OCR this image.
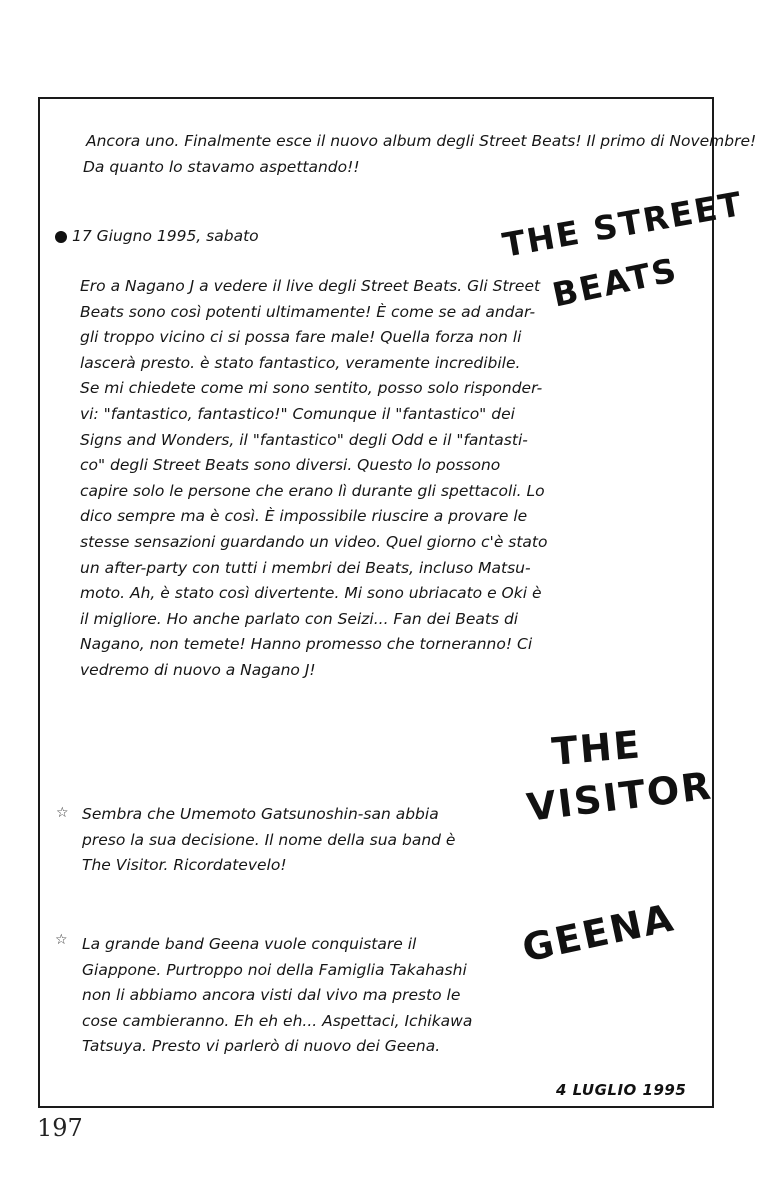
Ancora uno. Finalmente esce il nuovo album degli Street Beats! Il primo di Novembre!
Da quanto lo stavamo aspettando!!
17 Giugno 1995, sabato
Ero a Nagano J a vedere il live degli Street Beats. Gli Street
Beats sono così potenti ultimamente! È come se ad andar-
gli troppo vicino ci si possa fare male! Quella forza non li
lascerà presto. è stato fantastico, veramente incredibile.
Se mi chiedete come mi sono sentito, posso solo risponder-
vi: "fantastico, fantastico!" Comunque il "fantastico" dei
Signs and Wonders, il "fantastico" degli Odd e il "fantasti-
co" degli Street Beats sono diversi. Questo lo possono
capire solo le persone che erano lì durante gli spettacoli. Lo
dico sempre ma è così. È impossibile riuscire a provare le
stesse sensazioni guardando un video. Quel giorno c'è stato
un after-party con tutti i membri dei Beats, incluso Matsu-
moto. Ah, è stato così divertente. Mi sono ubriacato e Oki è
il migliore. Ho anche parlato con Seizi... Fan dei Beats di
Nagano, non temete! Hanno promesso che torneranno! Ci
vedremo di nuovo a Nagano J!
☆ Sembra che Umemoto Gatsunoshin-san abbia
preso la sua decisione. Il nome della sua band è
The Visitor. Ricordatevelo!
☆ La grande band Geena vuole conquistare il
Giappone. Purtroppo noi della Famiglia Takahashi
non li abbiamo ancora visti dal vivo ma presto le
cose cambieranno. Eh eh eh... Aspettaci, Ichikawa
Tatsuya. Presto vi parlerò di nuovo dei Geena.
THE STREET
BEATS
THE
VISITOR
GEENA
4 LUGLIO 1995
197
